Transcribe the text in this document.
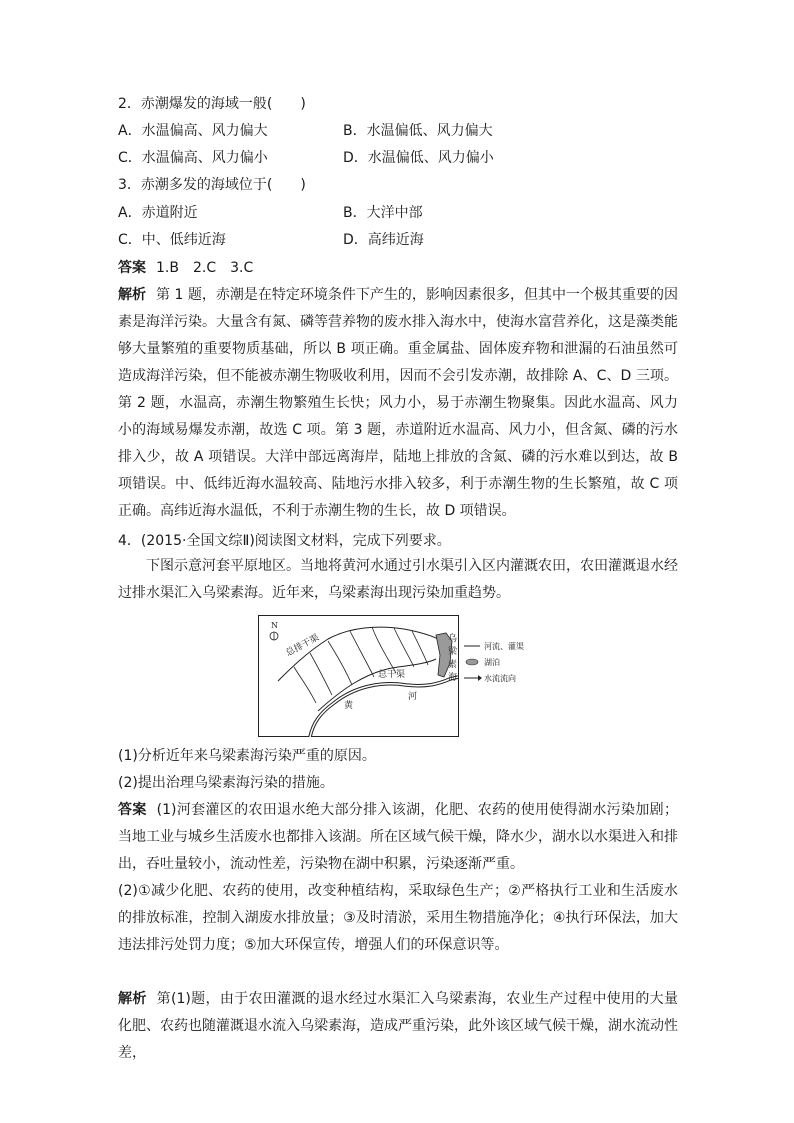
2．赤潮爆发的海域一般(　　)
A．水温偏高、风力偏大	B．水温偏低、风力偏大
C．水温偏高、风力偏小	D．水温偏低、风力偏小
3．赤潮多发的海域位于(　　)
A．赤道附近	B．大洋中部
C．中、低纬近海	D．高纬近海
答案 1.B　2.C　3.C
解析 第 1 题，赤潮是在特定环境条件下产生的，影响因素很多，但其中一个极其重要的因素是海洋污染。大量含有氮、磷等营养物的废水排入海水中，使海水富营养化，这是藻类能够大量繁殖的重要物质基础，所以 B 项正确。重金属盐、固体废弃物和泄漏的石油虽然可造成海洋污染，但不能被赤潮生物吸收利用，因而不会引发赤潮，故排除 A、C、D 三项。第 2 题，水温高，赤潮生物繁殖生长快；风力小，易于赤潮生物聚集。因此水温高、风力小的海域易爆发赤潮，故选 C 项。第 3 题，赤道附近水温高、风力小，但含氮、磷的污水排入少，故 A 项错误。大洋中部远离海岸，陆地上排放的含氮、磷的污水难以到达，故 B 项错误。中、低纬近海水温较高、陆地污水排入较多，利于赤潮生物的生长繁殖，故 C 项正确。高纬近海水温低，不利于赤潮生物的生长，故 D 项错误。
4．(2015·全国文综Ⅱ)阅读图文材料，完成下列要求。
下图示意河套平原地区。当地将黄河水通过引水渠引入区内灌溉农田，农田灌溉退水经过排水渠汇入乌梁素海。近年来，乌梁素海出现污染加重趋势。
N
总排干渠
总干渠
黄
河
乌
梁
素
海
河流、灌渠
湖泊
水流流向
(1)分析近年来乌梁素海污染严重的原因。
(2)提出治理乌梁素海污染的措施。
答案 (1)河套灌区的农田退水绝大部分排入该湖，化肥、农药的使用使得湖水污染加剧；当地工业与城乡生活废水也都排入该湖。所在区域气候干燥，降水少，湖水以水渠进入和排出，吞吐量较小，流动性差，污染物在湖中积累，污染逐渐严重。
(2)①减少化肥、农药的使用，改变种植结构，采取绿色生产；②严格执行工业和生活废水的排放标准，控制入湖废水排放量；③及时清淤，采用生物措施净化；④执行环保法，加大违法排污处罚力度；⑤加大环保宣传，增强人们的环保意识等。
解析 第(1)题，由于农田灌溉的退水经过水渠汇入乌梁素海，农业生产过程中使用的大量化肥、农药也随灌溉退水流入乌梁素海，造成严重污染，此外该区域气候干燥，湖水流动性差，
